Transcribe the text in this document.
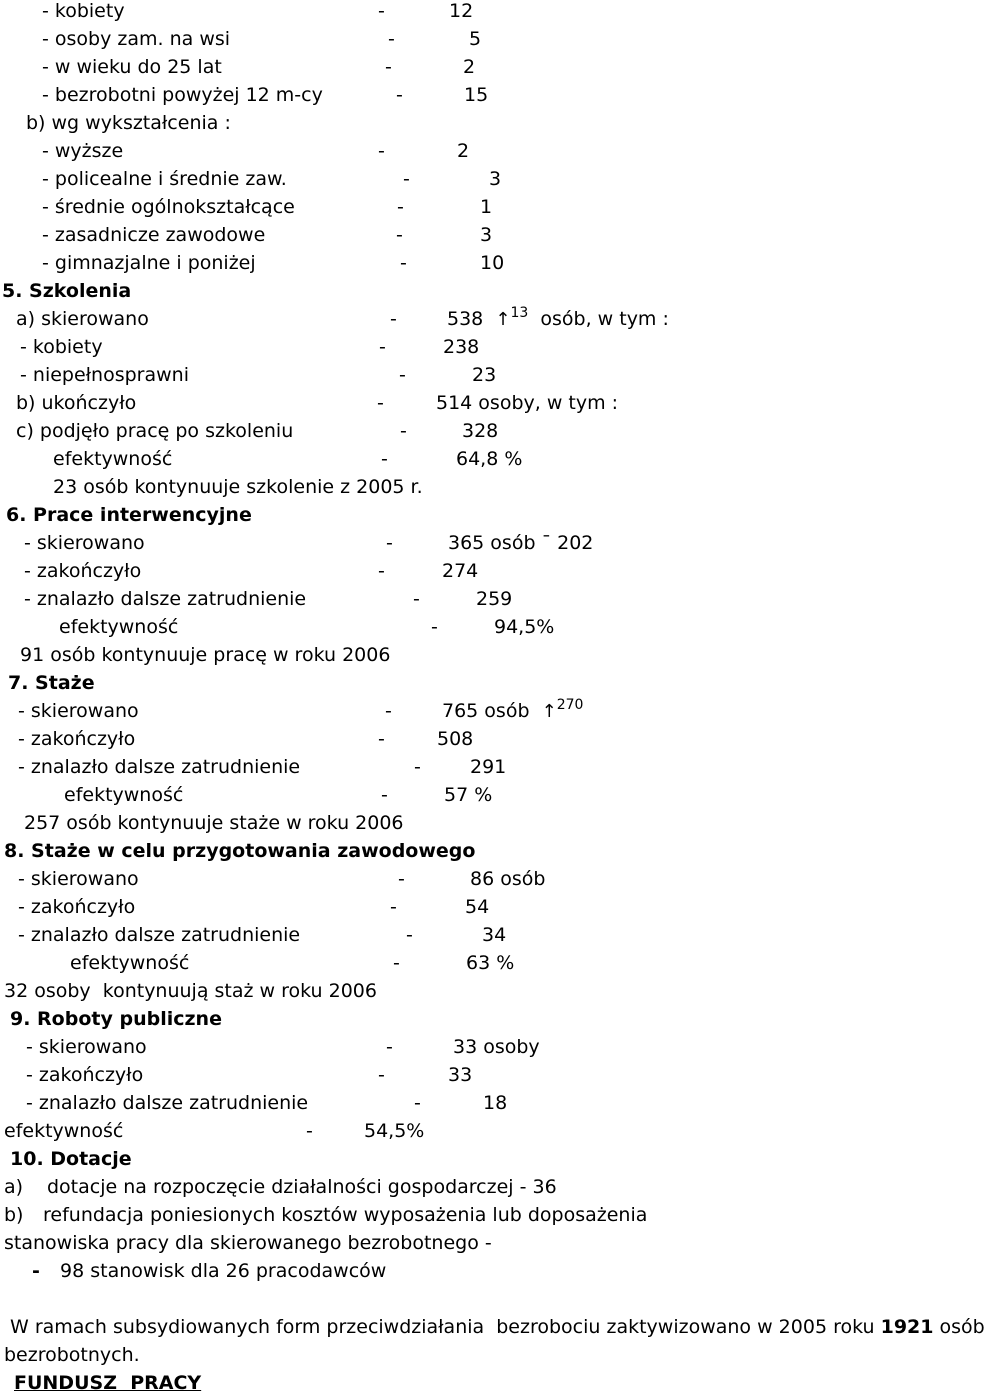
- kobiety	-	12
- osoby zam. na wsi	-	5
- w wieku do 25 lat	-	2
- bezrobotni powyżej 12 m-cy	-	15
b) wg wykształcenia :
- wyższe	-	2
- policealne i średnie zaw.	-	3
- średnie ogólnokształcące	-	1
- zasadnicze zawodowe	-	3
- gimnazjalne i poniżej	-	10
5. Szkolenia
a) skierowano	-	538 ↑$^{13}$ osób, w tym :
- kobiety	-	238
- niepełnosprawni	-	23
b) ukończyło	-	514 osoby, w tym :
c) podjęło pracę po szkoleniu	-	328
efektywność	-	64,8 %
23 osób kontynuuje szkolenie z 2005 r.
6. Prace interwencyjne
- skierowano	-	365 osób ¯ 202
- zakończyło	-	274
- znalazło dalsze zatrudnienie	-	259
efektywność	-	94,5%
91 osób kontynuuje pracę w roku 2006
7. Staże
- skierowano	-	765 osób ↑$^{270}$
- zakończyło	-	508
- znalazło dalsze zatrudnienie	-	291
efektywność	-	57 %
257 osób kontynuuje staże w roku 2006
8. Staże w celu przygotowania zawodowego
- skierowano	-	86 osób
- zakończyło	-	54
- znalazło dalsze zatrudnienie	-	34
efektywność	-	63 %
32 osoby  kontynuują staż w roku 2006
9. Roboty publiczne
- skierowano	-	33 osoby
- zakończyło	-	33
- znalazło dalsze zatrudnienie	-	18
efektywność	-	54,5%
10. Dotacje
a) dotacje na rozpoczęcie działalności gospodarczej - 36
b) refundacja poniesionych kosztów wyposażenia lub doposażenia
stanowiska pracy dla skierowanego bezrobotnego -
- 98 stanowisk dla 26 pracodawców
W ramach subsydiowanych form przeciwdziałania  bezrobociu zaktywizowano w 2005 roku 1921 osób
bezrobotnych.
FUNDUSZ  PRACY
